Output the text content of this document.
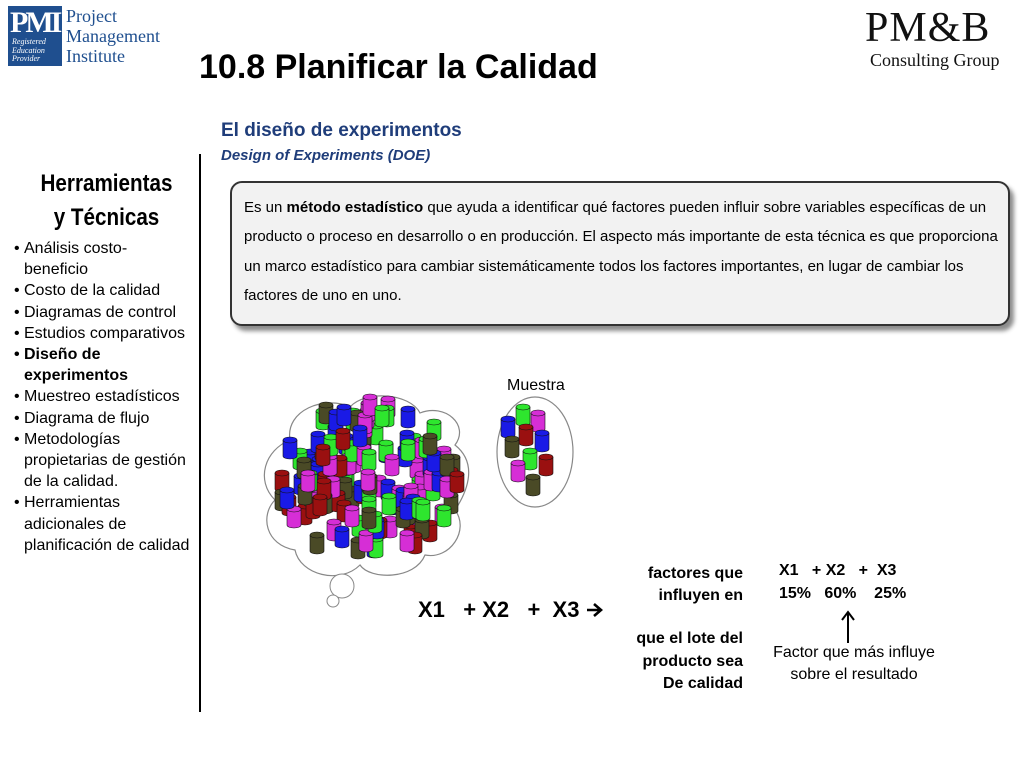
PMI
Registered
Education
Provider
Project
Management
Institute
PM&B
Consulting Group
10.8 Planificar la Calidad
El diseño de experimentos
Design of Experiments (DOE)
Herramientas
y Técnicas
• Análisis costo-beneficio
• Costo de la calidad
• Diagramas de control
• Estudios comparativos
• Diseño de experimentos
• Muestreo estadísticos
• Diagrama de flujo
• Metodologías propietarias de gestión de la calidad.
• Herramientas adicionales de planificación de calidad
Es un método estadístico que ayuda a identificar qué factores pueden influir sobre variables específicas de un producto o proceso en desarrollo o en producción. El aspecto más importante de esta técnica es que proporciona un marco estadístico para cambiar sistemáticamente todos los factores importantes, en lugar de cambiar los factores de uno en uno.
Muestra
factores que
influyen en
X1   + X2   +  X3
que el lote del
producto sea
De calidad
X1   + X2   +  X3
15%   60%    25%
Factor que más influye
sobre el resultado
